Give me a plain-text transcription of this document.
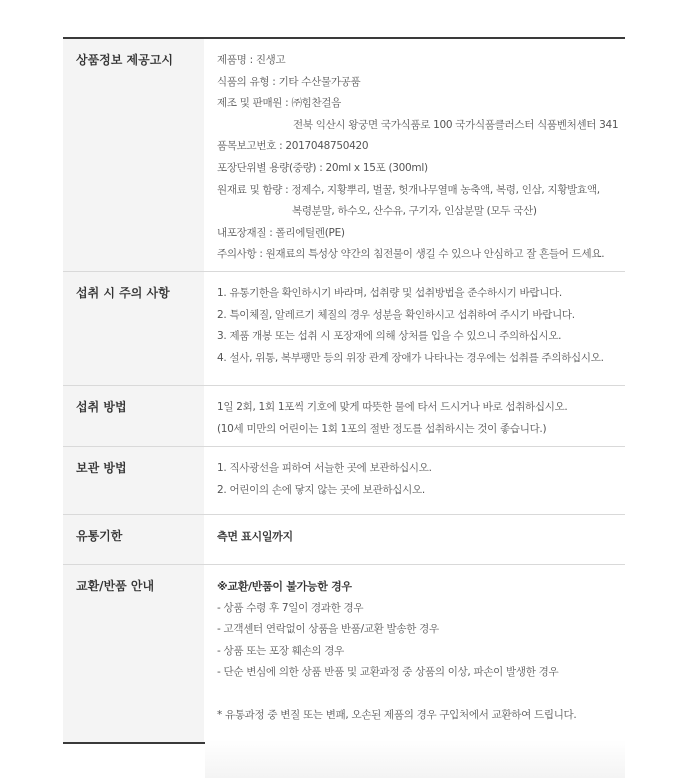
상품정보 제공고시	제품명 : 진생고
식품의 유형 : 기타 수산물가공품
제조 및 판매원 : ㈜힘찬걸음
전북 익산시 왕궁면 국가식품로 100 국가식품클러스터 식품벤처센터 341
품목보고번호 : 2017048750420
포장단위별 용량(중량) : 20ml x 15포 (300ml)
원재료 및 함량 : 정제수, 지황뿌리, 벌꿀, 헛개나무열매 농축액, 복령, 인삼, 지황발효액,
복령분말, 하수오, 산수유, 구기자, 인삼분말 (모두 국산)
내포장재질 : 폴리에틸렌(PE)
주의사항 : 원재료의 특성상 약간의 침전물이 생길 수 있으나 안심하고 잘 흔들어 드세요.
섭취 시 주의 사항	1. 유통기한을 확인하시기 바라며, 섭취량 및 섭취방법을 준수하시기 바랍니다.
2. 특이체질, 알레르기 체질의 경우 성분을 확인하시고 섭취하여 주시기 바랍니다.
3. 제품 개봉 또는 섭취 시 포장재에 의해 상처를 입을 수 있으니 주의하십시오.
4. 설사, 위통, 복부팽만 등의 위장 관계 장애가 나타나는 경우에는 섭취를 주의하십시오.
섭취 방법	1일 2회, 1회 1포씩 기호에 맞게 따뜻한 물에 타서 드시거나 바로 섭취하십시오.
(10세 미만의 어린이는 1회 1포의 절반 정도를 섭취하시는 것이 좋습니다.)
보관 방법	1. 직사광선을 피하여 서늘한 곳에 보관하십시오.
2. 어린이의 손에 닿지 않는 곳에 보관하십시오.
유통기한	측면 표시일까지
교환/반품 안내	※교환/반품이 불가능한 경우
- 상품 수령 후 7일이 경과한 경우
- 고객센터 연락없이 상품을 반품/교환 발송한 경우
- 상품 또는 포장 훼손의 경우
- 단순 변심에 의한 상품 반품 및 교환과정 중 상품의 이상, 파손이 발생한 경우
* 유통과정 중 변질 또는 변패, 오손된 제품의 경우 구입처에서 교환하여 드립니다.
